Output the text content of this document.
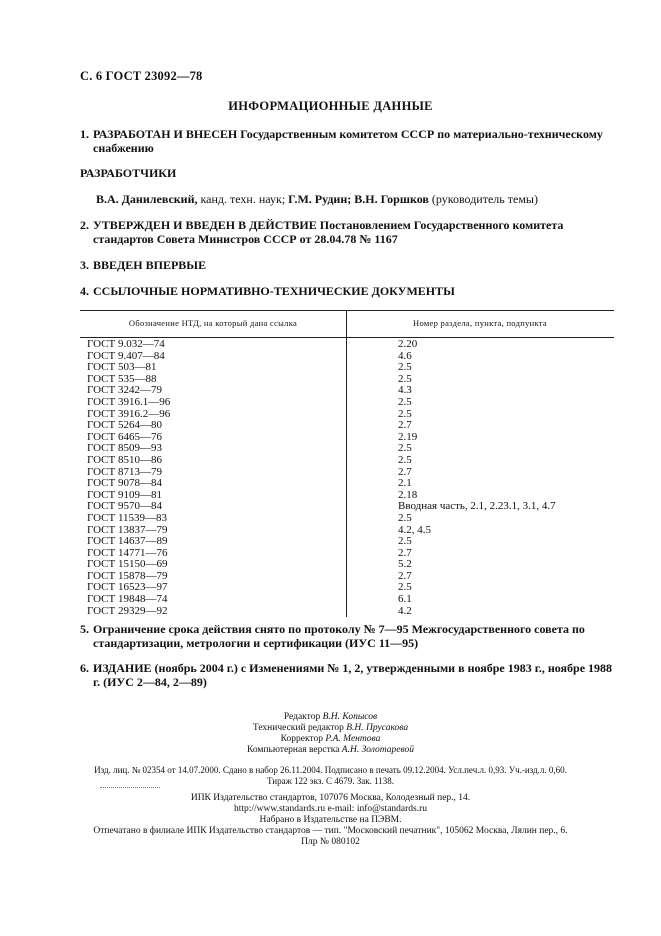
С. 6 ГОСТ 23092—78
ИНФОРМАЦИОННЫЕ ДАННЫЕ
1. РАЗРАБОТАН И ВНЕСЕН Государственным комитетом СССР по материально-техническому снабжению
РАЗРАБОТЧИКИ
В.А. Данилевский, канд. техн. наук; Г.М. Рудин; В.Н. Горшков (руководитель темы)
2. УТВЕРЖДЕН И ВВЕДЕН В ДЕЙСТВИЕ Постановлением Государственного комитета стандартов Совета Министров СССР от 28.04.78 № 1167
3. ВВЕДЕН ВПЕРВЫЕ
4. ССЫЛОЧНЫЕ НОРМАТИВНО-ТЕХНИЧЕСКИЕ ДОКУМЕНТЫ
Обозначение НТД, на который дана ссылка	Номер раздела, пункта, подпункта
ГОСТ 9.032—74	2.20
ГОСТ 9.407—84	4.6
ГОСТ 503—81	2.5
ГОСТ 535—88	2.5
ГОСТ 3242—79	4.3
ГОСТ 3916.1—96	2.5
ГОСТ 3916.2—96	2.5
ГОСТ 5264—80	2.7
ГОСТ 6465—76	2.19
ГОСТ 8509—93	2.5
ГОСТ 8510—86	2.5
ГОСТ 8713—79	2.7
ГОСТ 9078—84	2.1
ГОСТ 9109—81	2.18
ГОСТ 9570—84	Вводная часть, 2.1, 2.23.1, 3.1, 4.7
ГОСТ 11539—83	2.5
ГОСТ 13837—79	4.2, 4.5
ГОСТ 14637—89	2.5
ГОСТ 14771—76	2.7
ГОСТ 15150—69	5.2
ГОСТ 15878—79	2.7
ГОСТ 16523—97	2.5
ГОСТ 19848—74	6.1
ГОСТ 29329—92	4.2
5. Ограничение срока действия снято по протоколу № 7—95 Межгосударственного совета по стандартизации, метрологии и сертификации (ИУС 11—95)
6. ИЗДАНИЕ (ноябрь 2004 г.) с Изменениями № 1, 2, утвержденными в ноябре 1983 г., ноябре 1988 г. (ИУС 2—84, 2—89)
Редактор В.Н. Копысов
Технический редактор В.Н. Прусакова
Корректор Р.А. Ментова
Компьютерная верстка А.Н. Золотаревой
Изд. лиц. № 02354 от 14.07.2000. Сдано в набор 26.11.2004. Подписано в печать 09.12.2004. Усл.печ.л. 0,93. Уч.-изд.л. 0,60.
Тираж 122 экз. С 4679. Зак. 1138.
ИПК Издательство стандартов, 107076 Москва, Колодезный пер., 14.
http://www.standards.ru e-mail: info@standards.ru
Набрано в Издательстве на ПЭВМ.
Отпечатано в филиале ИПК Издательство стандартов — тип. "Московский печатник", 105062 Москва, Лялин пер., 6.
Плр № 080102
